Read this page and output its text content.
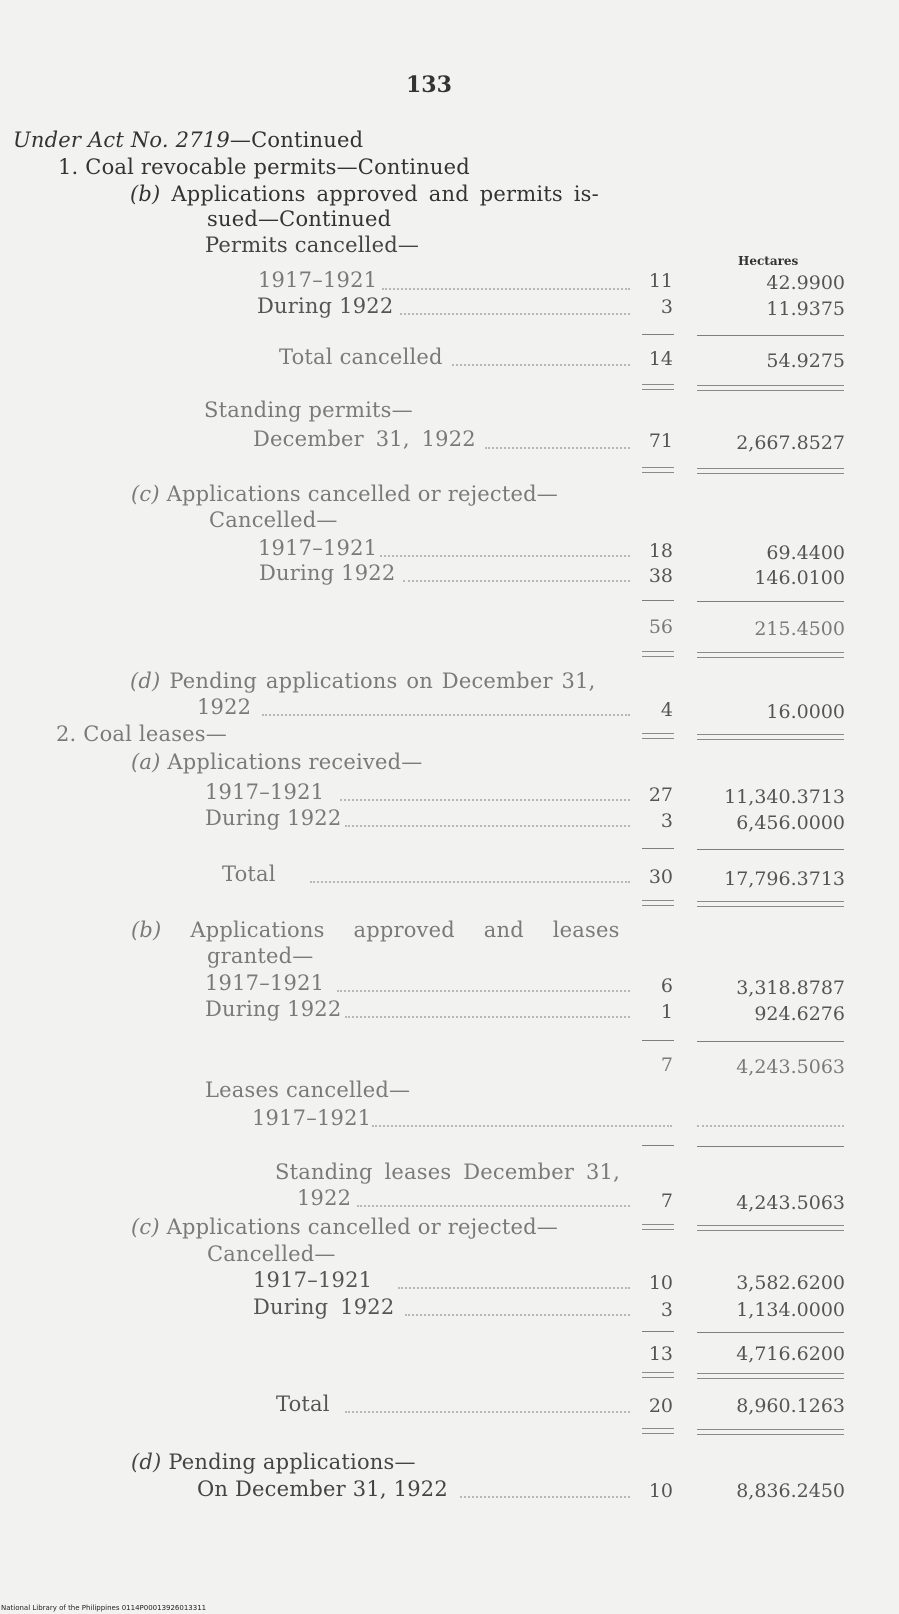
133
Under Act No. 2719—Continued
1. Coal revocable permits—Continued
(b) Applications approved and permits is-
sued—Continued
Permits cancelled—
Hectares
1917–1921	11	42.9900
During 1922	3	11.9375
Total cancelled	14	54.9275
Standing permits—
December 31, 1922	71	2,667.8527
(c) Applications cancelled or rejected—
Cancelled—
1917–1921	18	69.4400
During 1922	38	146.0100
56	215.4500
(d) Pending applications on December 31,
1922	4	16.0000
2. Coal leases—
(a) Applications received—
1917–1921	27	11,340.3713
During 1922	3	6,456.0000
Total	30	17,796.3713
(b) Applications approved and leases
granted—
1917–1921	6	3,318.8787
During 1922	1	924.6276
7	4,243.5063
Leases cancelled—
1917–1921
Standing leases December 31,
1922	7	4,243.5063
(c) Applications cancelled or rejected—
Cancelled—
1917–1921	10	3,582.6200
During 1922	3	1,134.0000
13	4,716.6200
Total	20	8,960.1263
(d) Pending applications—
On December 31, 1922	10	8,836.2450
National Library of the Philippines 0114P00013926013311
